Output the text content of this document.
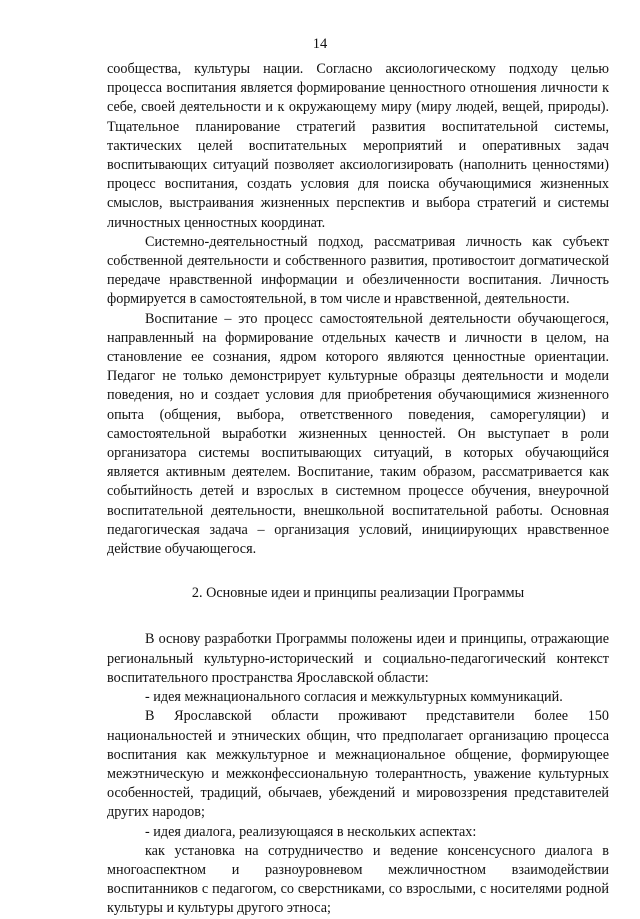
14

сообщества, культуры нации. Согласно аксиологическому подходу целью процесса воспитания является формирование ценностного отношения личности к себе, своей деятельности и к окружающему миру (миру людей, вещей, природы). Тщательное планирование стратегий развития воспитательной системы, тактических целей воспитательных мероприятий и оперативных задач воспитывающих ситуаций позволяет аксиологизировать (наполнить ценностями) процесс воспитания, создать условия для поиска обучающимися жизненных смыслов, выстраивания жизненных перспектив и выбора стратегий и системы личностных ценностных координат.

Системно-деятельностный подход, рассматривая личность как субъект собственной деятельности и собственного развития, противостоит догматической передаче нравственной информации и обезличенности воспитания. Личность формируется в самостоятельной, в том числе и нравственной, деятельности.

Воспитание – это процесс самостоятельной деятельности обучающегося, направленный на формирование отдельных качеств и личности в целом, на становление ее сознания, ядром которого являются ценностные ориентации. Педагог не только демонстрирует культурные образцы деятельности и модели поведения, но и создает условия для приобретения обучающимися жизненного опыта (общения, выбора, ответственного поведения, саморегуляции) и самостоятельной выработки жизненных ценностей. Он выступает в роли организатора системы воспитывающих ситуаций, в которых обучающийся является активным деятелем. Воспитание, таким образом, рассматривается как событийность детей и взрослых в системном процессе обучения, внеурочной воспитательной деятельности, внешкольной воспитательной работы. Основная педагогическая задача – организация условий, инициирующих нравственное действие обучающегося.

2. Основные идеи и принципы реализации Программы

В основу разработки Программы положены идеи и принципы, отражающие региональный культурно-исторический и социально-педагогический контекст воспитательного пространства Ярославской области:

- идея межнационального согласия и межкультурных коммуникаций.

В Ярославской области проживают представители более 150 национальностей и этнических общин, что предполагает организацию процесса воспитания как межкультурное и межнациональное общение, формирующее межэтническую и межконфессиональную толерантность, уважение культурных особенностей, традиций, обычаев, убеждений и мировоззрения представителей других народов;

- идея диалога, реализующаяся в нескольких аспектах:

как установка на сотрудничество и ведение консенсусного диалога в многоаспектном и разноуровневом межличностном взаимодействии воспитанников с педагогом, со сверстниками, со взрослыми, с носителями родной культуры и культуры другого этноса;
